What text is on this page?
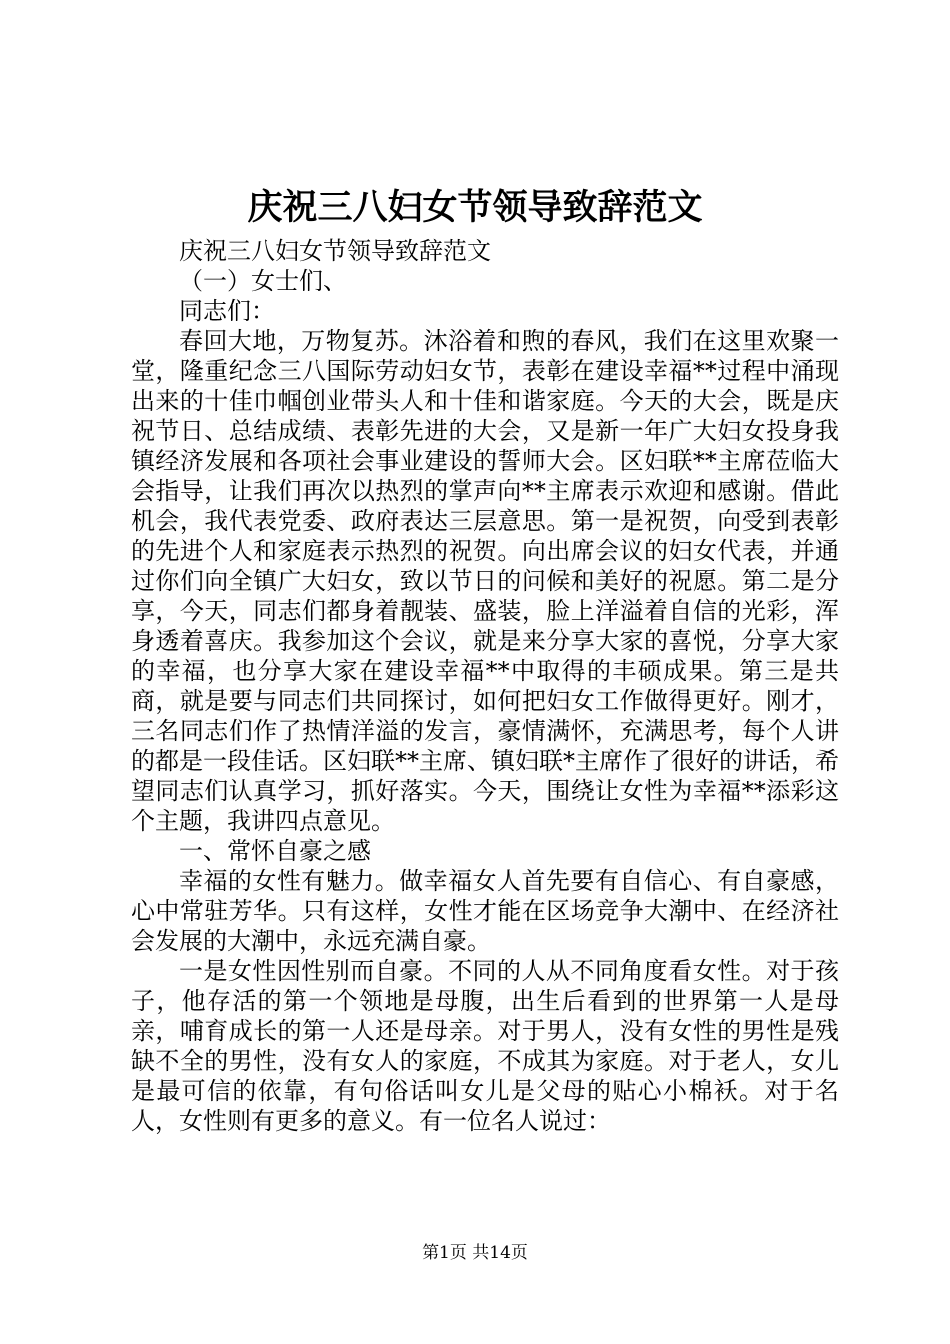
庆祝三八妇女节领导致辞范文

庆祝三八妇女节领导致辞范文

（一）女士们、

同志们：

春回大地，万物复苏。沐浴着和煦的春风，我们在这里欢聚一堂，隆重纪念三八国际劳动妇女节，表彰在建设幸福**过程中涌现出来的十佳巾帼创业带头人和十佳和谐家庭。今天的大会，既是庆祝节日、总结成绩、表彰先进的大会，又是新一年广大妇女投身我镇经济发展和各项社会事业建设的誓师大会。区妇联**主席莅临大会指导，让我们再次以热烈的掌声向**主席表示欢迎和感谢。借此机会，我代表党委、政府表达三层意思。第一是祝贺，向受到表彰的先进个人和家庭表示热烈的祝贺。向出席会议的妇女代表，并通过你们向全镇广大妇女，致以节日的问候和美好的祝愿。第二是分享，今天，同志们都身着靓装、盛装，脸上洋溢着自信的光彩，浑身透着喜庆。我参加这个会议，就是来分享大家的喜悦，分享大家的幸福，也分享大家在建设幸福**中取得的丰硕成果。第三是共商，就是要与同志们共同探讨，如何把妇女工作做得更好。刚才，三名同志们作了热情洋溢的发言，豪情满怀，充满思考，每个人讲的都是一段佳话。区妇联**主席、镇妇联*主席作了很好的讲话，希望同志们认真学习，抓好落实。今天，围绕让女性为幸福**添彩这个主题，我讲四点意见。

一、常怀自豪之感

幸福的女性有魅力。做幸福女人首先要有自信心、有自豪感，心中常驻芳华。只有这样，女性才能在区场竞争大潮中、在经济社会发展的大潮中，永远充满自豪。

一是女性因性别而自豪。不同的人从不同角度看女性。对于孩子，他存活的第一个领地是母腹，出生后看到的世界第一人是母亲，哺育成长的第一人还是母亲。对于男人，没有女性的男性是残缺不全的男性，没有女人的家庭，不成其为家庭。对于老人，女儿是最可信的依靠，有句俗话叫女儿是父母的贴心小棉袄。对于名人，女性则有更多的意义。有一位名人说过：

第1页 共14页
